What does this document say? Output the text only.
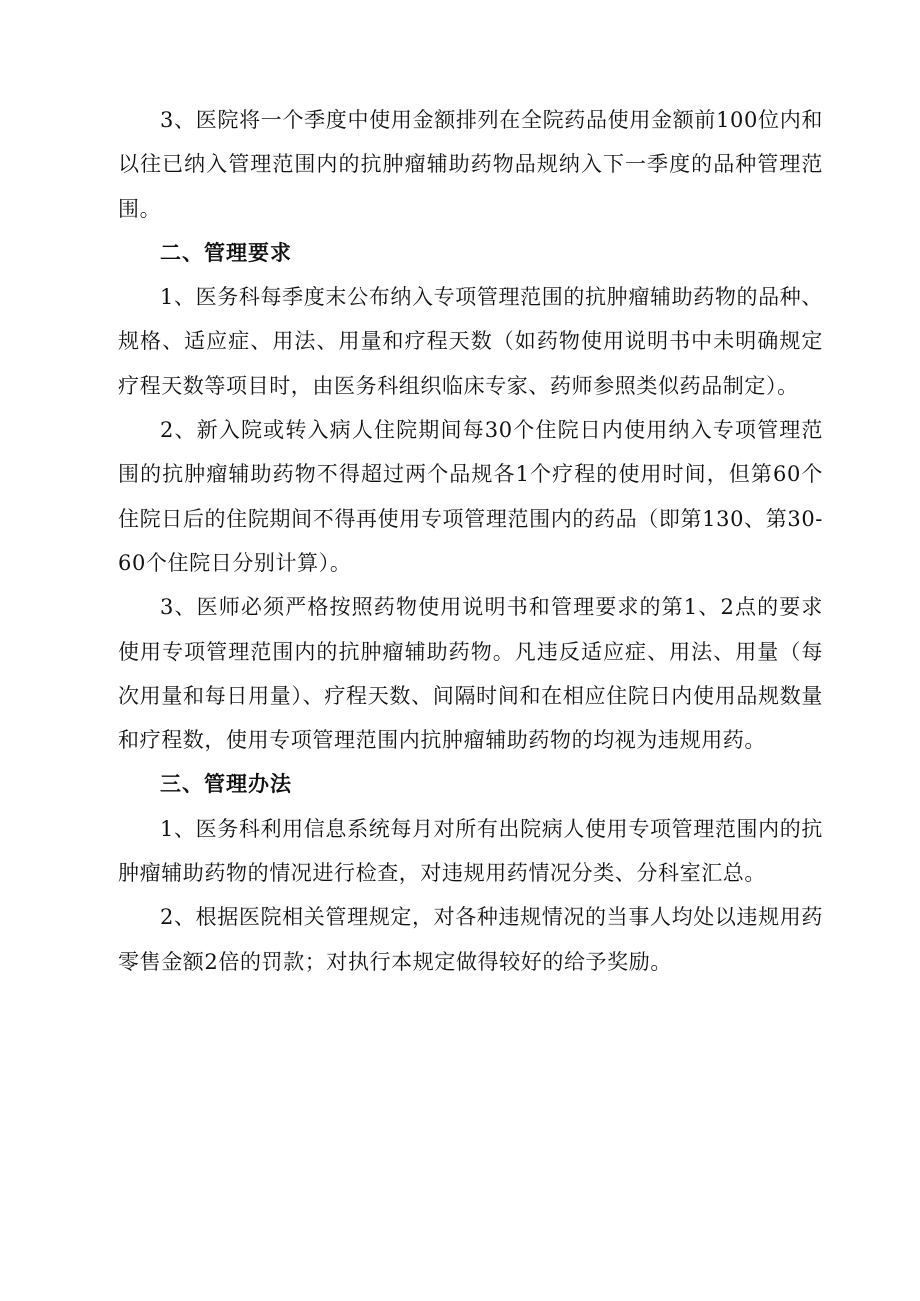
3、医院将一个季度中使用金额排列在全院药品使用金额前100位内和以往已纳入管理范围内的抗肿瘤辅助药物品规纳入下一季度的品种管理范围。

二、管理要求

1、医务科每季度末公布纳入专项管理范围的抗肿瘤辅助药物的品种、规格、适应症、用法、用量和疗程天数（如药物使用说明书中未明确规定疗程天数等项目时，由医务科组织临床专家、药师参照类似药品制定）。

2、新入院或转入病人住院期间每30个住院日内使用纳入专项管理范围的抗肿瘤辅助药物不得超过两个品规各1个疗程的使用时间，但第60个住院日后的住院期间不得再使用专项管理范围内的药品（即第130、第30-60个住院日分别计算）。

3、医师必须严格按照药物使用说明书和管理要求的第1、2点的要求使用专项管理范围内的抗肿瘤辅助药物。凡违反适应症、用法、用量（每次用量和每日用量）、疗程天数、间隔时间和在相应住院日内使用品规数量和疗程数，使用专项管理范围内抗肿瘤辅助药物的均视为违规用药。

三、管理办法

1、医务科利用信息系统每月对所有出院病人使用专项管理范围内的抗肿瘤辅助药物的情况进行检查，对违规用药情况分类、分科室汇总。

2、根据医院相关管理规定，对各种违规情况的当事人均处以违规用药零售金额2倍的罚款；对执行本规定做得较好的给予奖励。
